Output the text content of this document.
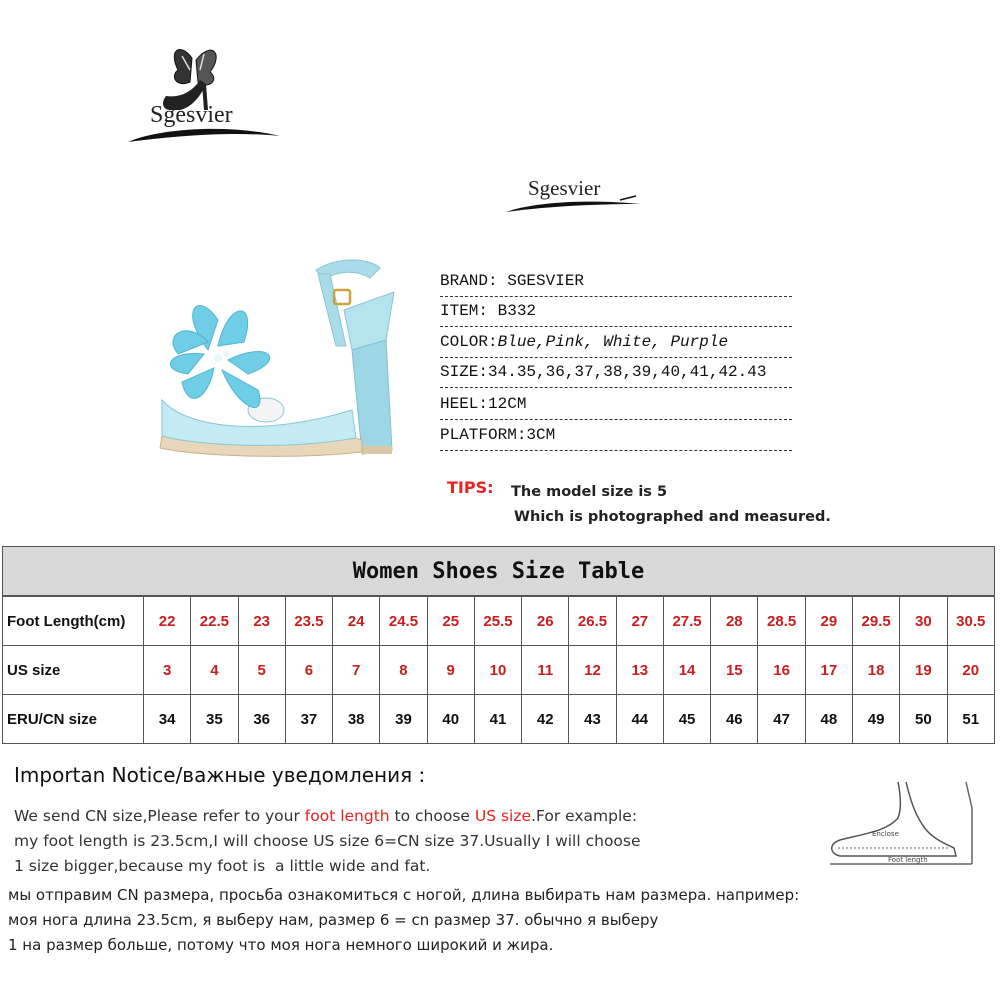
Sgesvier
Sgesvier
BRAND: SGESVIER
ITEM: B332
COLOR:Blue,Pink, White, Purple
SIZE:34.35,36,37,38,39,40,41,42.43
HEEL:12CM
PLATFORM:3CM
TIPS: The model size is 5
Which is photographed and measured.
Women Shoes Size Table
Foot Length(cm)	22	22.5	23	23.5	24	24.5	25	25.5	26	26.5	27	27.5	28	28.5	29	29.5	30	30.5
US size	3	4	5	6	7	8	9	10	11	12	13	14	15	16	17	18	19	20
ERU/CN size	34	35	36	37	38	39	40	41	42	43	44	45	46	47	48	49	50	51
Importan Notice/важные уведомления :
We send CN size,Please refer to your foot length to choose US size.For example:
my foot length is 23.5cm,I will choose US size 6=CN size 37.Usually I will choose
1 size bigger,because my foot is  a little wide and fat.
мы отправим CN размера, просьба ознакомиться с ногой, длина выбирать нам размера. например:
моя нога длина 23.5cm, я выберу нам, размер 6 = cn размер 37. обычно я выберу
1 на размер больше, потому что моя нога немного широкий и жира.
Enclose
Foot length
